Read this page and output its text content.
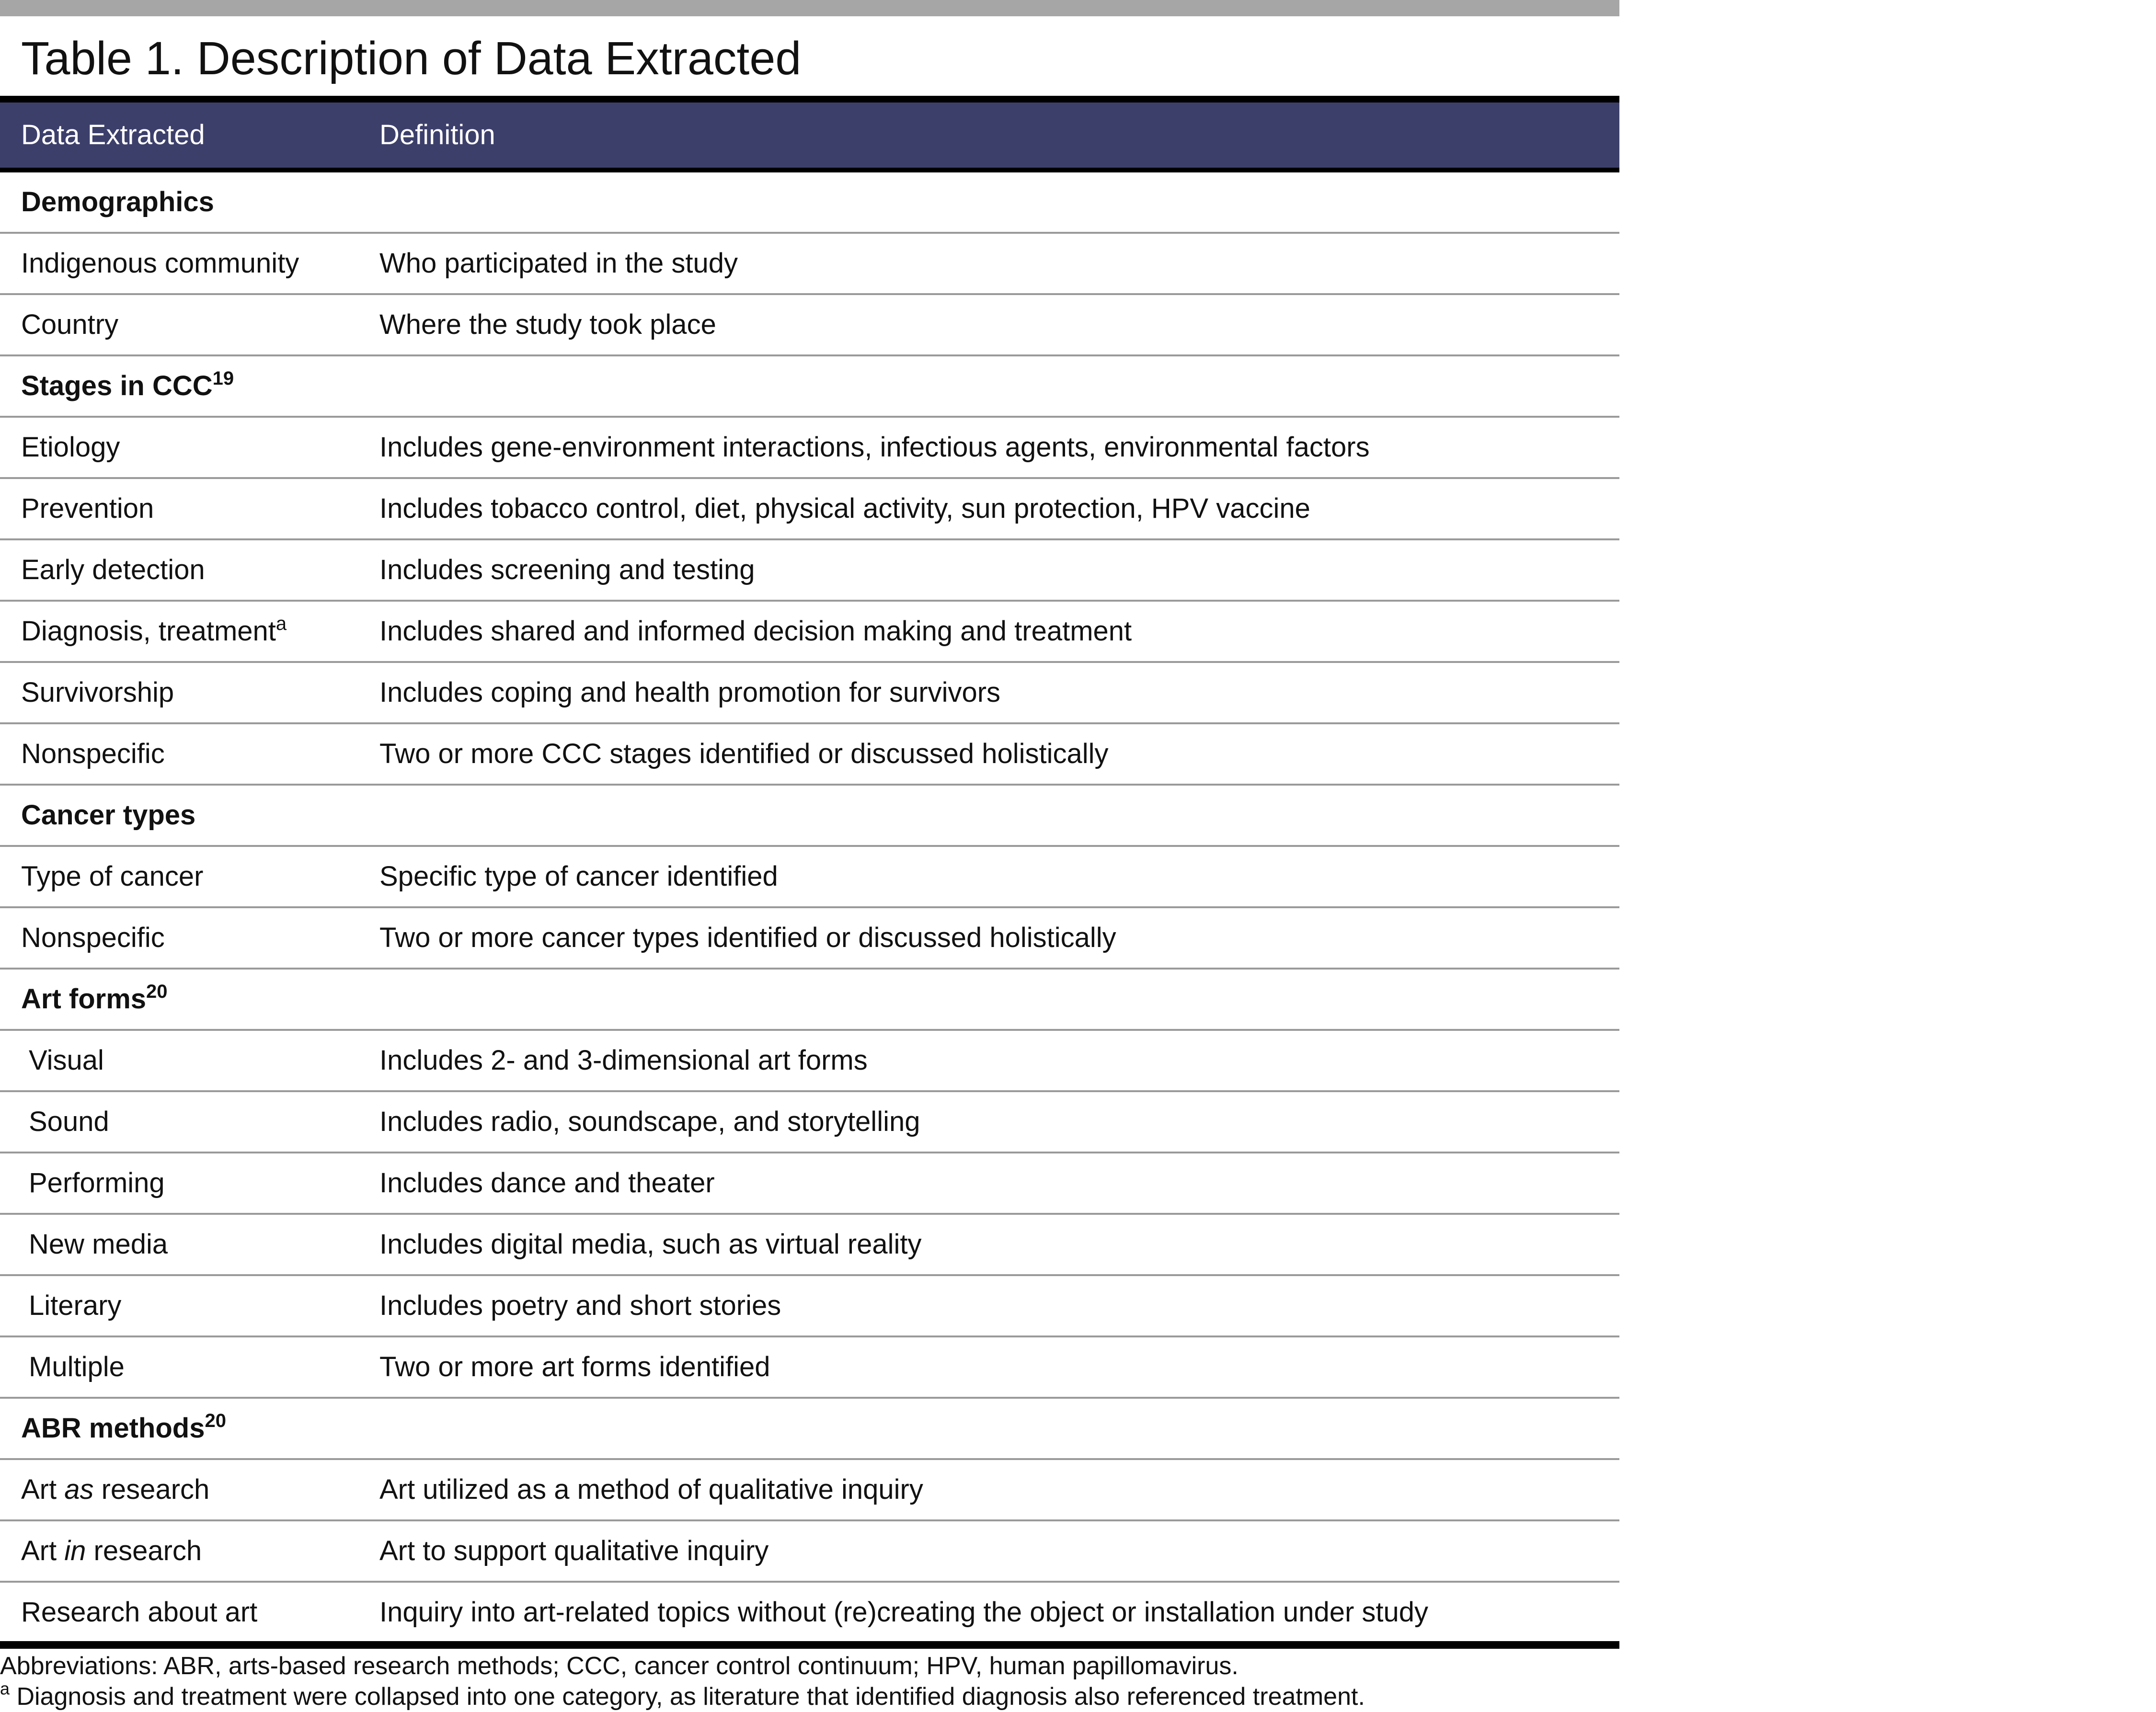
Table 1. Description of Data Extracted
Data Extracted	Definition
Demographics
Indigenous community	Who participated in the study
Country	Where the study took place
Stages in CCC$^{19}$
Etiology	Includes gene-environment interactions, infectious agents, environmental factors
Prevention	Includes tobacco control, diet, physical activity, sun protection, HPV vaccine
Early detection	Includes screening and testing
Diagnosis, treatment$^a$	Includes shared and informed decision making and treatment
Survivorship	Includes coping and health promotion for survivors
Nonspecific	Two or more CCC stages identified or discussed holistically
Cancer types
Type of cancer	Specific type of cancer identified
Nonspecific	Two or more cancer types identified or discussed holistically
Art forms$^{20}$
Visual	Includes 2- and 3-dimensional art forms
Sound	Includes radio, soundscape, and storytelling
Performing	Includes dance and theater
New media	Includes digital media, such as virtual reality
Literary	Includes poetry and short stories
Multiple	Two or more art forms identified
ABR methods$^{20}$
Art as research	Art utilized as a method of qualitative inquiry
Art in research	Art to support qualitative inquiry
Research about art	Inquiry into art-related topics without (re)creating the object or installation under study
Abbreviations: ABR, arts-based research methods; CCC, cancer control continuum; HPV, human papillomavirus.
$^a$ Diagnosis and treatment were collapsed into one category, as literature that identified diagnosis also referenced treatment.
